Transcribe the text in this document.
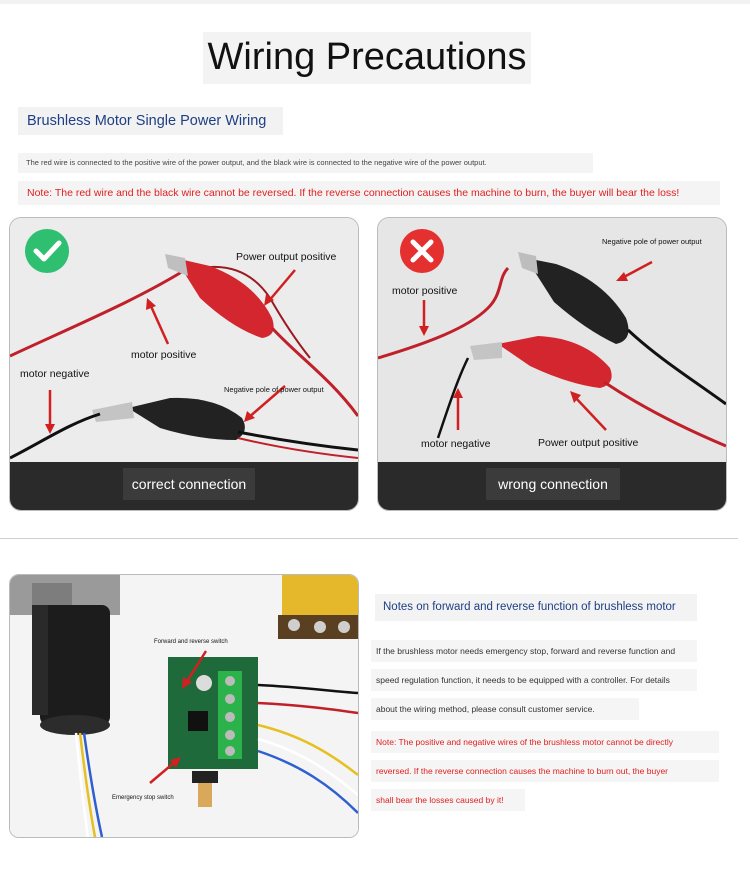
Wiring Precautions
Brushless Motor Single Power Wiring
The red wire is connected to the positive wire of the power output, and the black wire is connected to the negative wire of the power output.
Note: The red wire and the black wire cannot be reversed. If the reverse connection causes the machine to burn, the buyer will bear the loss!
Power output positive
motor positive
motor negative
Negative pole of power output
correct connection
Negative pole of power output
motor positive
motor negative	Power output positive
wrong connection
Forward and reverse switch
Emergency stop switch
Notes on forward and reverse function of brushless motor
If the brushless motor needs emergency stop, forward and reverse function and
speed regulation function, it needs to be equipped with a controller. For details
about the wiring method, please consult customer service.
Note: The positive and negative wires of the brushless motor cannot be directly
reversed. If the reverse connection causes the machine to burn out, the buyer
shall bear the losses caused by it!
